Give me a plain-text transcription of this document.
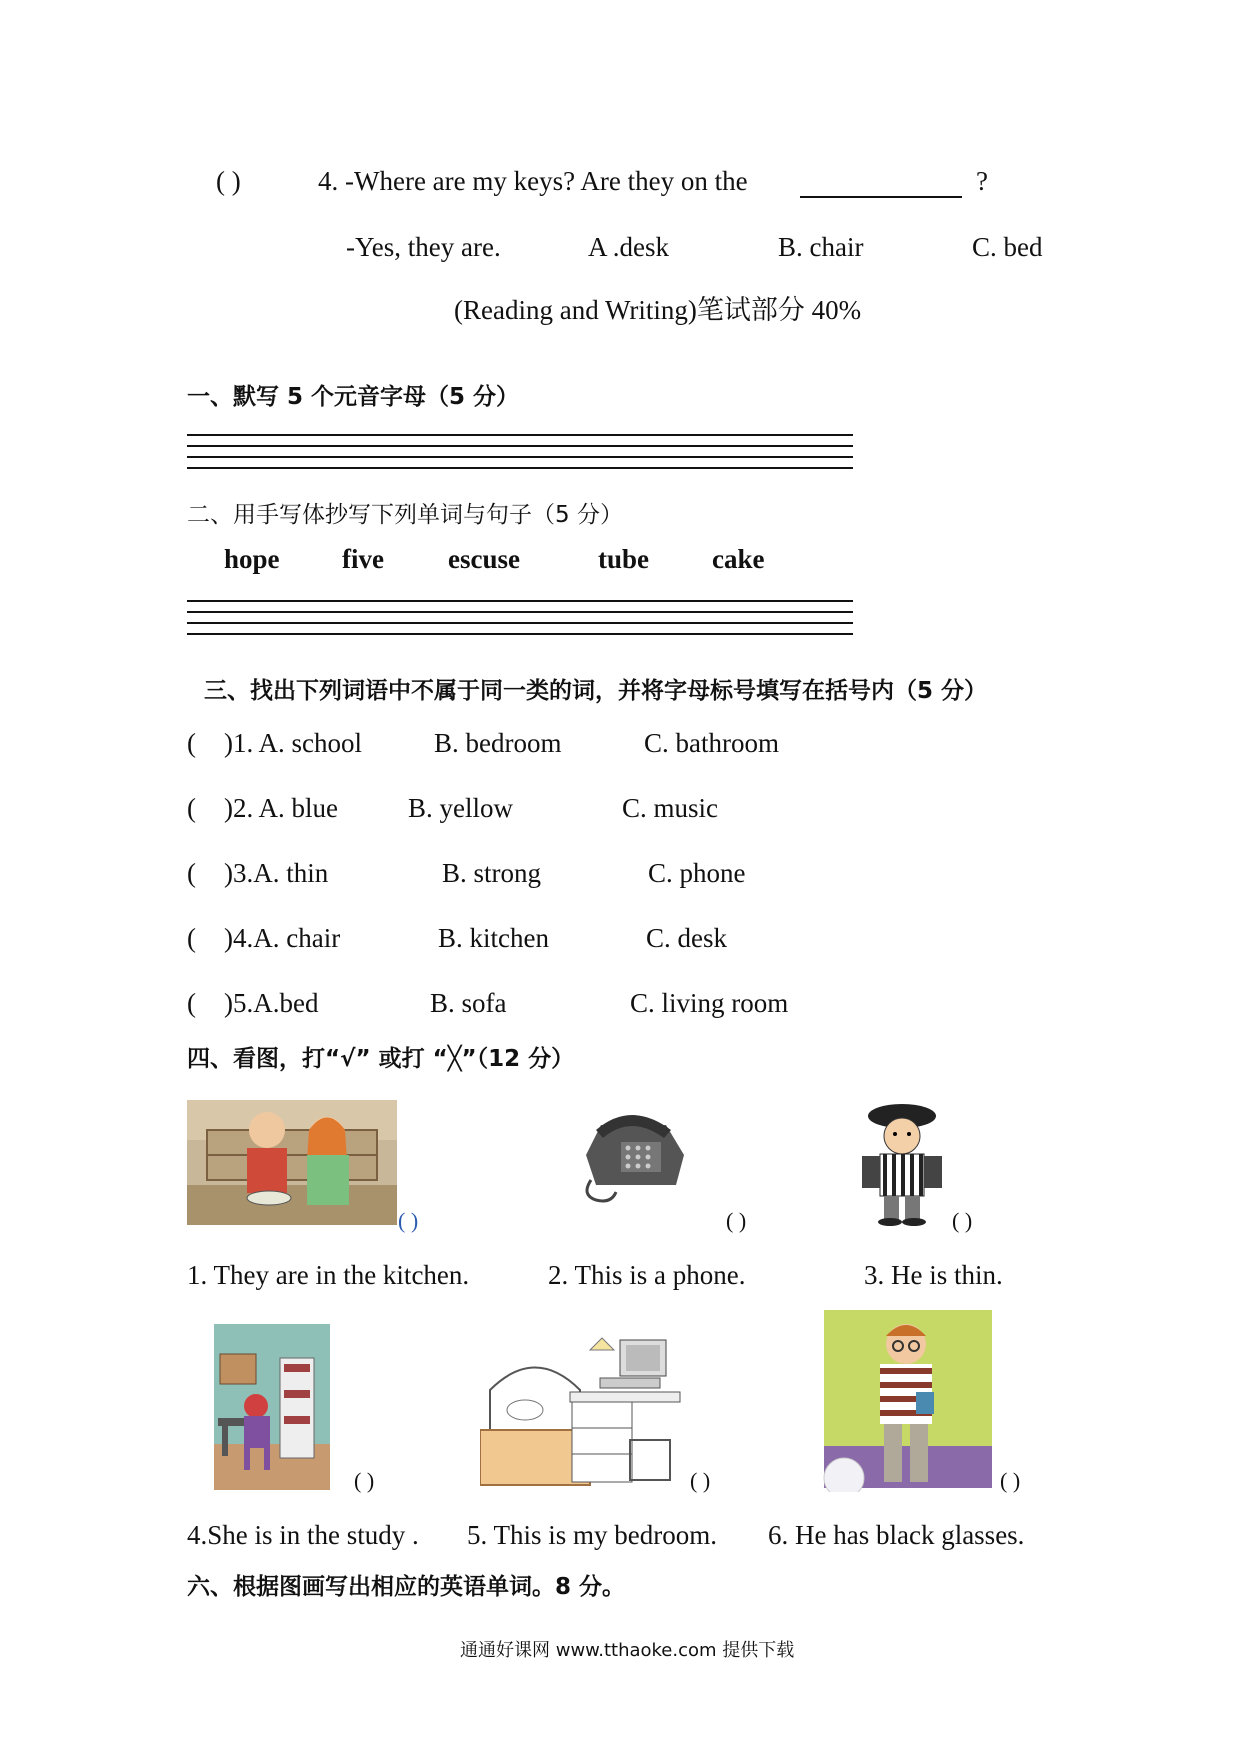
( )	4. -Where are my keys? Are they on the	?
-Yes, they are.	A .desk	B. chair	C. bed
(Reading and Writing)笔试部分 40%
一、默写 5 个元音字母（5 分）
二、用手写体抄写下列单词与句子（5 分）
hope five escuse	tube cake
三、找出下列词语中不属于同一类的词，并将字母标号填写在括号内（5 分）
( )1. A. school	B. bedroom	C. bathroom
( )2. A. blue	B. yellow	C. music
( )3.A. thin	B. strong	C. phone
( )4.A. chair	B. kitchen	C. desk
( )5.A.bed	B. sofa	C. living room
四、看图，打“√” 或打 “╳”（12 分）
( )	( )	( )
1. They are in the kitchen.	2. This is a phone.	3. He is thin.
( )	( )	( )
4.She is in the study . 5. This is my bedroom. 6. He has black glasses.
六、根据图画写出相应的英语单词。8 分。
通通好课网 www.tthaoke.com 提供下载
